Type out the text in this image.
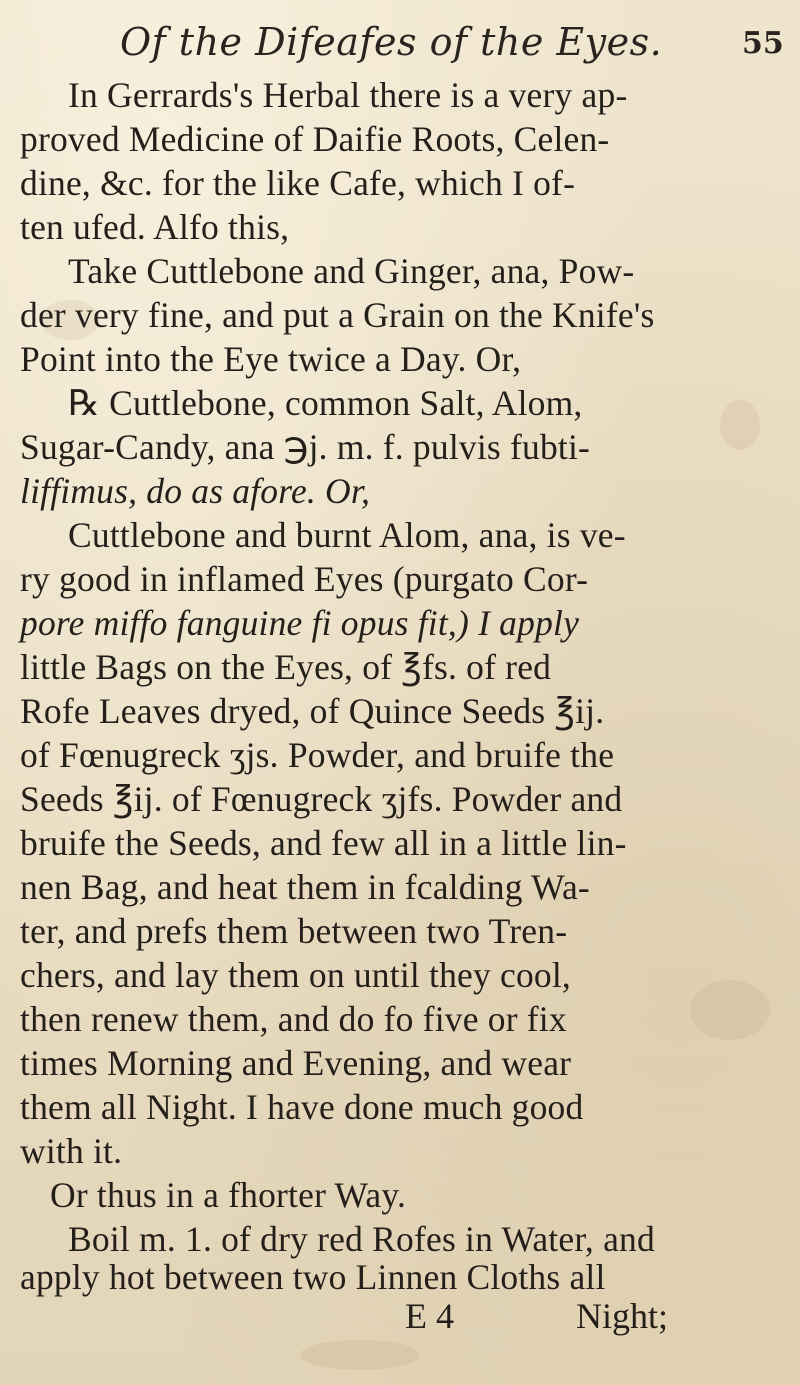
Of the Difeafes of the Eyes.	55
In Gerrards's Herbal there is a very ap-
proved Medicine of Daifie Roots, Celen-
dine, &c. for the like Cafe, which I of-
ten ufed. Alfo this,
Take Cuttlebone and Ginger, ana, Pow-
der very fine, and put a Grain on the Knife's
Point into the Eye twice a Day. Or,
℞ Cuttlebone, common Salt, Alom,
Sugar-Candy, ana ℈j. m. f. pulvis fubti-
liffimus, do as afore. Or,
Cuttlebone and burnt Alom, ana, is ve-
ry good in inflamed Eyes (purgato Cor-
pore miffo fanguine fi opus fit,) I apply
little Bags on the Eyes, of ℥fs. of red
Rofe Leaves dryed, of Quince Seeds ℥ij.
of Fœnugreck ʒjs. Powder, and bruife the
Seeds ℥ij. of Fœnugreck ʒjfs. Powder and
bruife the Seeds, and few all in a little lin-
nen Bag, and heat them in fcalding Wa-
ter, and prefs them between two Tren-
chers, and lay them on until they cool,
then renew them, and do fo five or fix
times Morning and Evening, and wear
them all Night. I have done much good
with it.
Or thus in a fhorter Way.
Boil m. 1. of dry red Rofes in Water, and
apply hot between two Linnen Cloths all
E 4	Night;
